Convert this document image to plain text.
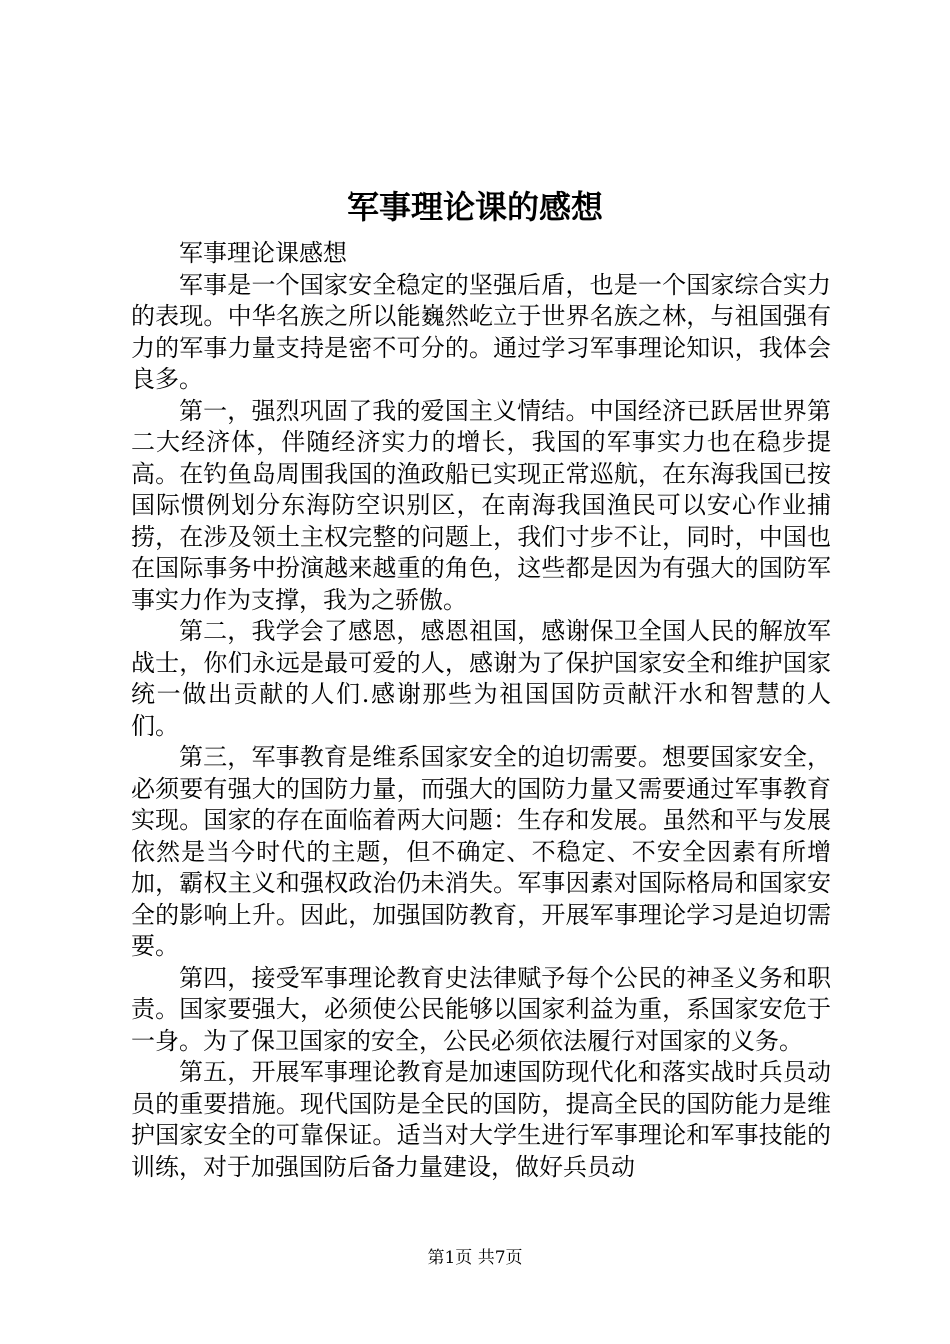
军事理论课的感想

军事理论课感想

军事是一个国家安全稳定的坚强后盾，也是一个国家综合实力的表现。中华名族之所以能巍然屹立于世界名族之林，与祖国强有力的军事力量支持是密不可分的。通过学习军事理论知识，我体会良多。

第一，强烈巩固了我的爱国主义情结。中国经济已跃居世界第二大经济体，伴随经济实力的增长，我国的军事实力也在稳步提高。在钓鱼岛周围我国的渔政船已实现正常巡航，在东海我国已按国际惯例划分东海防空识别区，在南海我国渔民可以安心作业捕捞，在涉及领土主权完整的问题上，我们寸步不让，同时，中国也在国际事务中扮演越来越重的角色，这些都是因为有强大的国防军事实力作为支撑，我为之骄傲。

第二，我学会了感恩，感恩祖国，感谢保卫全国人民的解放军战士，你们永远是最可爱的人，感谢为了保护国家安全和维护国家统一做出贡献的人们.感谢那些为祖国国防贡献汗水和智慧的人们。

第三，军事教育是维系国家安全的迫切需要。想要国家安全，必须要有强大的国防力量，而强大的国防力量又需要通过军事教育实现。国家的存在面临着两大问题：生存和发展。虽然和平与发展依然是当今时代的主题，但不确定、不稳定、不安全因素有所增加，霸权主义和强权政治仍未消失。军事因素对国际格局和国家安全的影响上升。因此，加强国防教育，开展军事理论学习是迫切需要。

第四，接受军事理论教育史法律赋予每个公民的神圣义务和职责。国家要强大，必须使公民能够以国家利益为重，系国家安危于一身。为了保卫国家的安全，公民必须依法履行对国家的义务。

第五，开展军事理论教育是加速国防现代化和落实战时兵员动员的重要措施。现代国防是全民的国防，提高全民的国防能力是维护国家安全的可靠保证。适当对大学生进行军事理论和军事技能的训练，对于加强国防后备力量建设，做好兵员动

第1页 共7页
